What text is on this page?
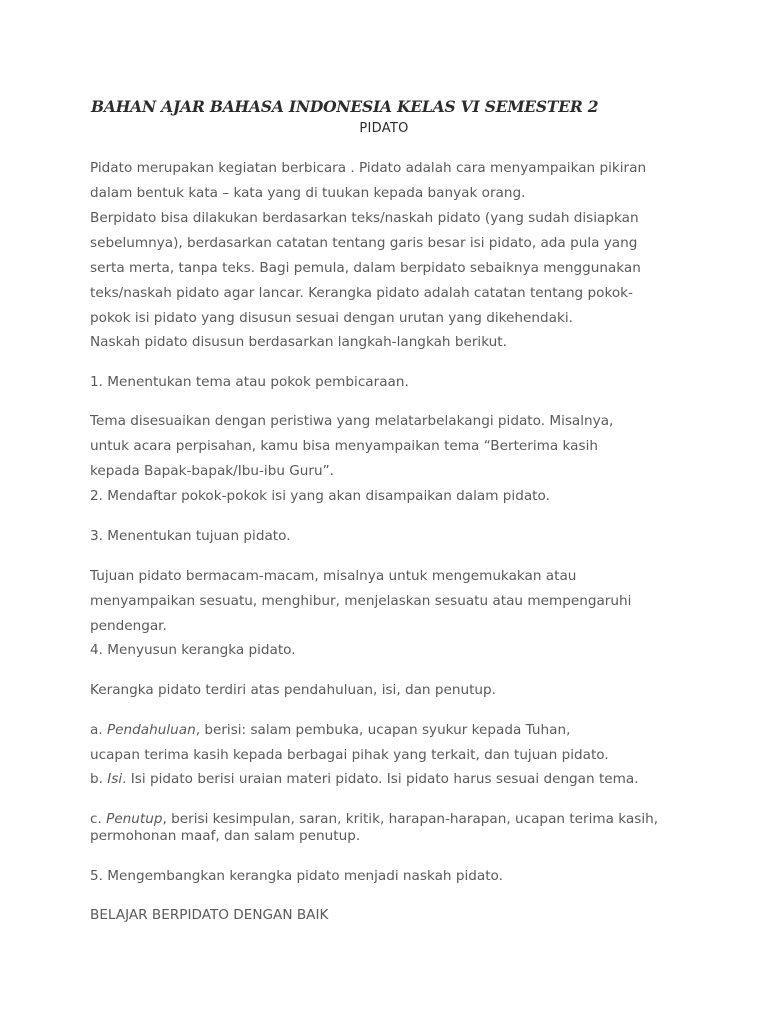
BAHAN AJAR BAHASA INDONESIA KELAS VI SEMESTER 2
PIDATO
Pidato merupakan kegiatan berbicara . Pidato adalah cara menyampaikan pikiran
dalam bentuk kata – kata yang di tuukan kepada banyak orang.
Berpidato bisa dilakukan berdasarkan teks/naskah pidato (yang sudah disiapkan
sebelumnya), berdasarkan catatan tentang garis besar isi pidato, ada pula yang
serta merta, tanpa teks. Bagi pemula, dalam berpidato sebaiknya menggunakan
teks/naskah pidato agar lancar. Kerangka pidato adalah catatan tentang pokok-
pokok isi pidato yang disusun sesuai dengan urutan yang dikehendaki.
Naskah pidato disusun berdasarkan langkah-langkah berikut.
1. Menentukan tema atau pokok pembicaraan.
Tema disesuaikan dengan peristiwa yang melatarbelakangi pidato. Misalnya,
untuk acara perpisahan, kamu bisa menyampaikan tema “Berterima kasih
kepada Bapak-bapak/Ibu-ibu Guru”.
2. Mendaftar pokok-pokok isi yang akan disampaikan dalam pidato.
3. Menentukan tujuan pidato.
Tujuan pidato bermacam-macam, misalnya untuk mengemukakan atau
menyampaikan sesuatu, menghibur, menjelaskan sesuatu atau mempengaruhi
pendengar.
4. Menyusun kerangka pidato.
Kerangka pidato terdiri atas pendahuluan, isi, dan penutup.
a. Pendahuluan, berisi: salam pembuka, ucapan syukur kepada Tuhan,
ucapan terima kasih kepada berbagai pihak yang terkait, dan tujuan pidato.
b. Isi. Isi pidato berisi uraian materi pidato. Isi pidato harus sesuai dengan tema.
c. Penutup, berisi kesimpulan, saran, kritik, harapan-harapan, ucapan terima kasih,
permohonan maaf, dan salam penutup.
5. Mengembangkan kerangka pidato menjadi naskah pidato.
BELAJAR BERPIDATO DENGAN BAIK
